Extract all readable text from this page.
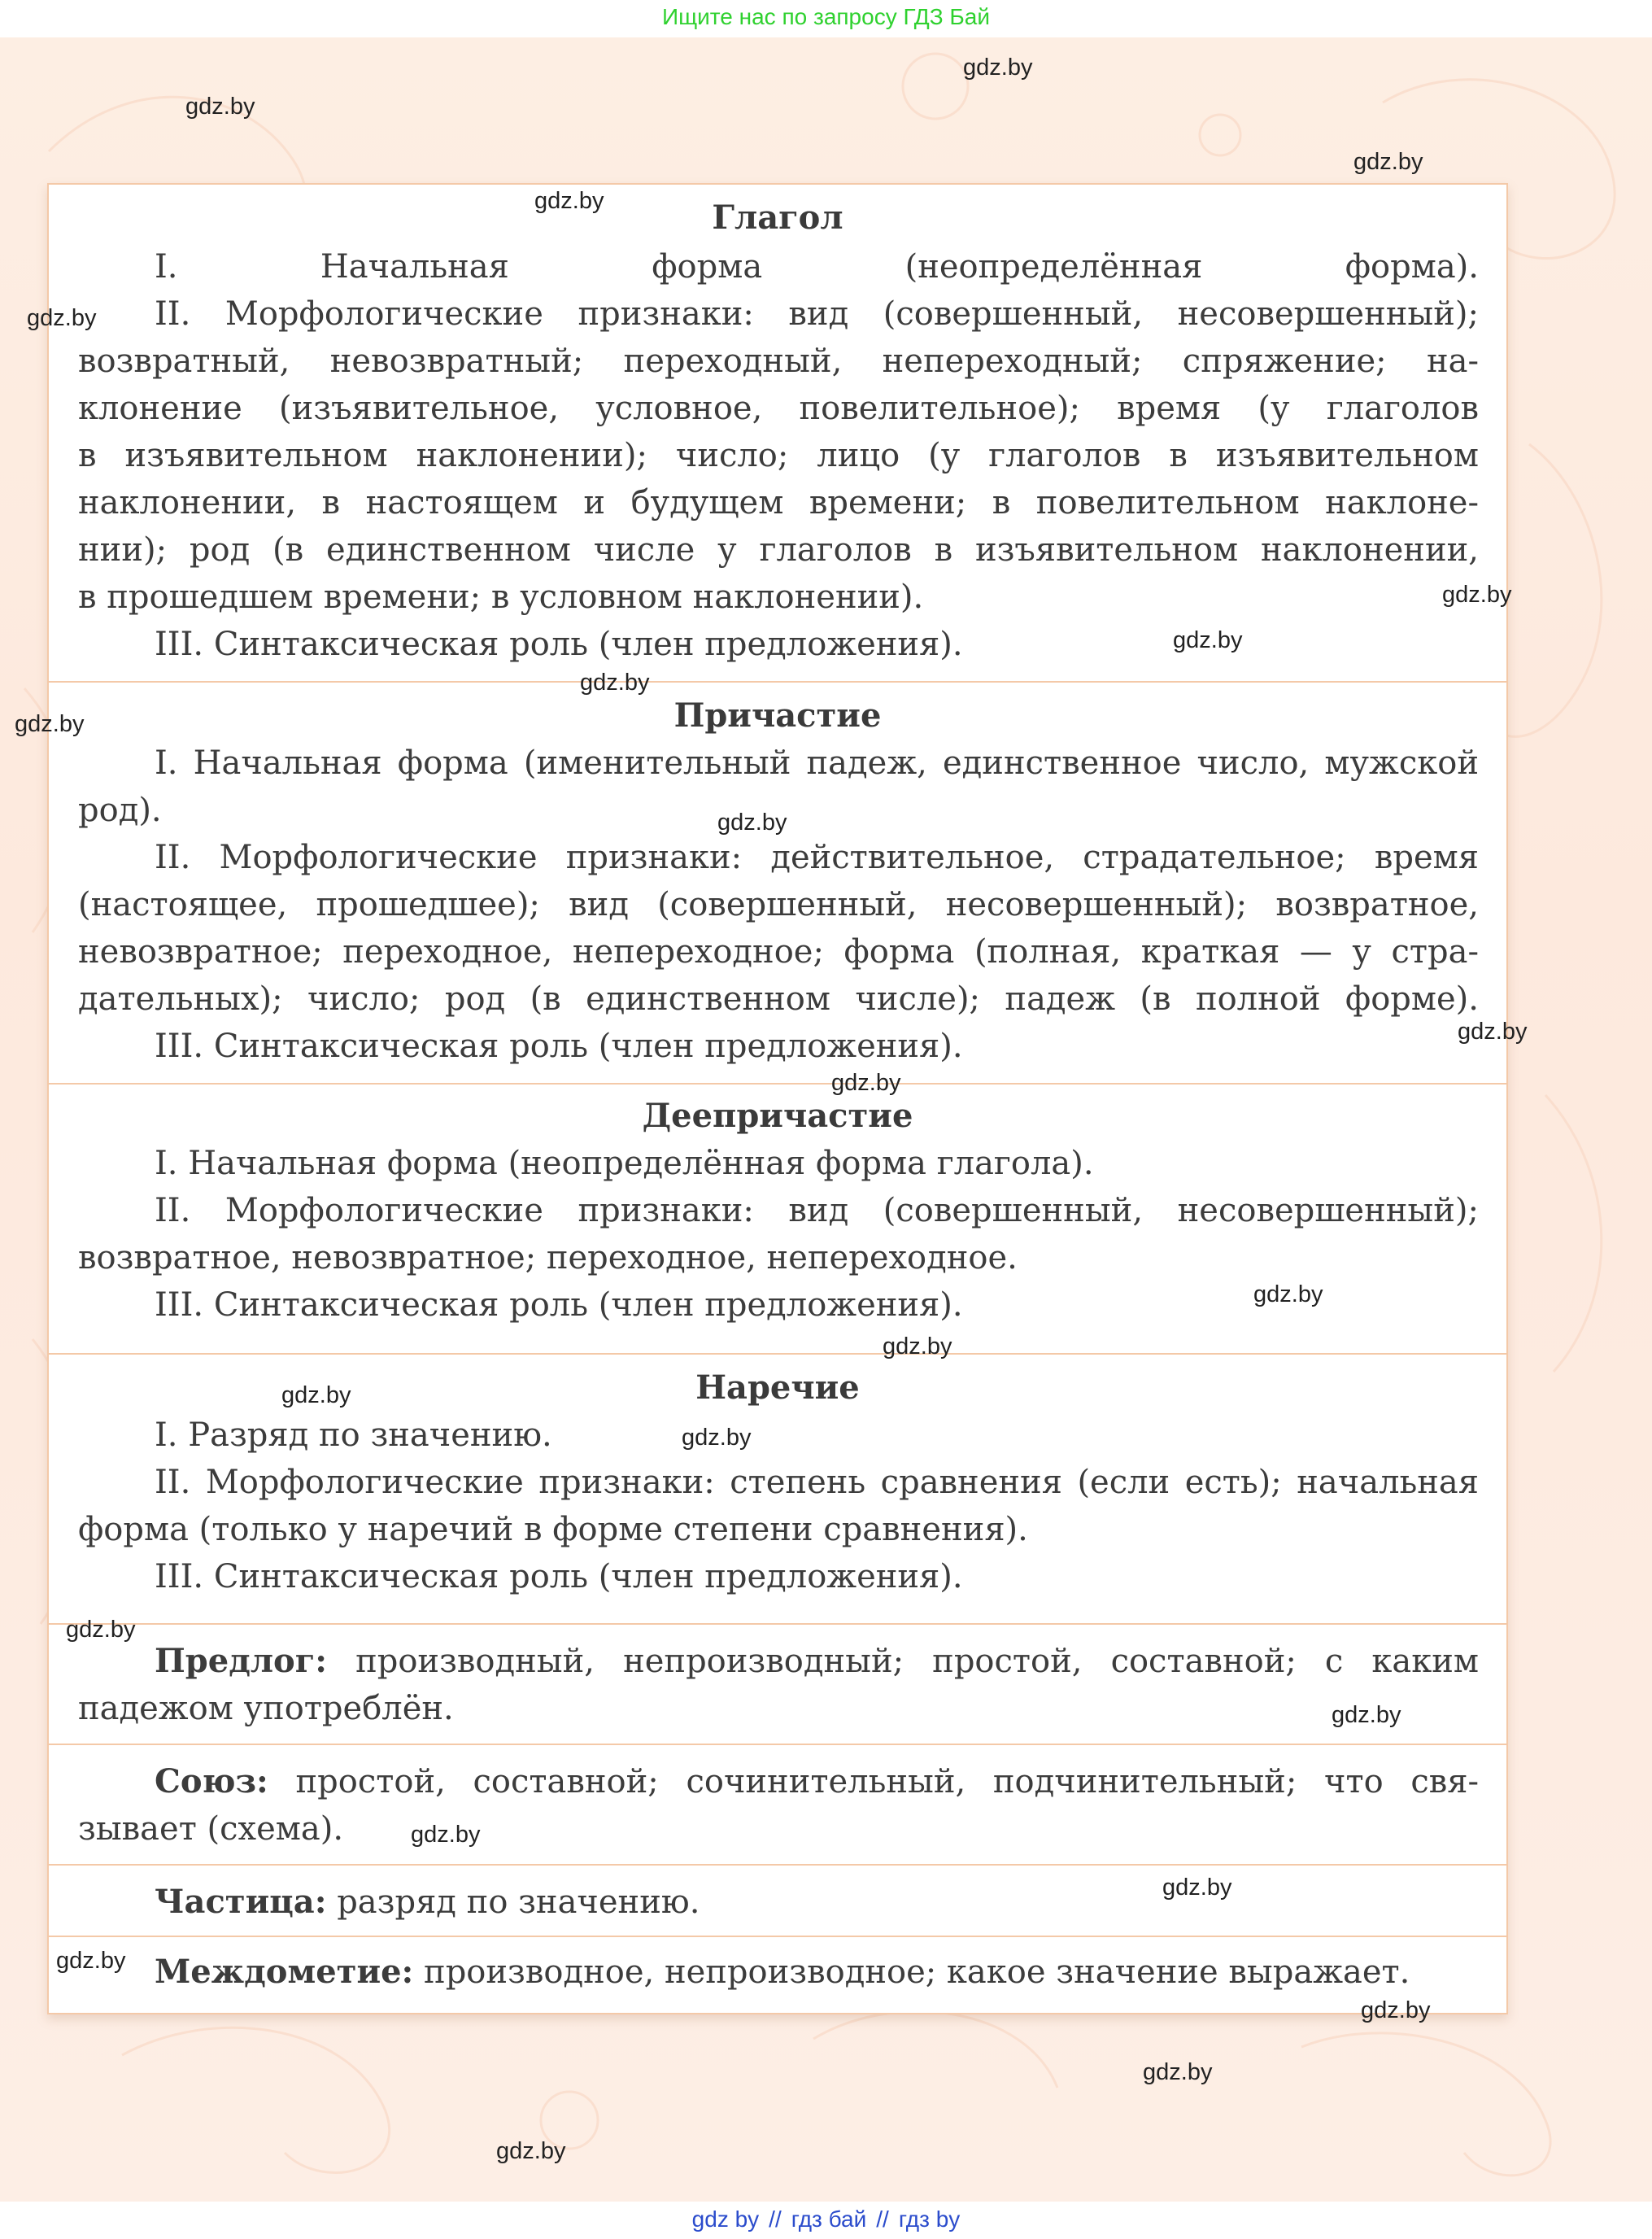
Ищите нас по запросу ГДЗ Бай
Глагол
I. Начальная форма (неопределённая форма).
II. Морфологические признаки: вид (совершенный, несовершенный);
возвратный, невозвратный; переходный, непереходный; спряжение; на-
клонение (изъявительное, условное, повелительное); время (у глаголов
в изъявительном наклонении); число; лицо (у глаголов в изъявительном
наклонении, в настоящем и будущем времени; в повелительном наклоне-
нии); род (в единственном числе у глаголов в изъявительном наклонении,
в прошедшем времени; в условном наклонении).
III. Синтаксическая роль (член предложения).
Причастие
I. Начальная форма (именительный падеж, единственное число, мужской
род).
II. Морфологические признаки: действительное, страдательное; время
(настоящее, прошедшее); вид (совершенный, несовершенный); возвратное,
невозвратное; переходное, непереходное; форма (полная, краткая — у стра-
дательных); число; род (в единственном числе); падеж (в полной форме).
III. Синтаксическая роль (член предложения).
Деепричастие
I. Начальная форма (неопределённая форма глагола).
II. Морфологические признаки: вид (совершенный, несовершенный);
возвратное, невозвратное; переходное, непереходное.
III. Синтаксическая роль (член предложения).
Наречие
I. Разряд по значению.
II. Морфологические признаки: степень сравнения (если есть); начальная
форма (только у наречий в форме степени сравнения).
III. Синтаксическая роль (член предложения).
Предлог: производный, непроизводный; простой, составной; с каким
падежом употреблён.
Союз: простой, составной; сочинительный, подчинительный; что свя-
зывает (схема).
Частица: разряд по значению.
Междометие: производное, непроизводное; какое значение выражает.
gdz.by
gdz.by
gdz.by
gdz.by
gdz.by
gdz.by
gdz.by
gdz.by
gdz.by
gdz.by
gdz.by
gdz.by
gdz.by
gdz.by
gdz.by
gdz.by
gdz.by
gdz.by
gdz.by
gdz.by
gdz.by
gdz.by
gdz.by
gdz.by
gdz by // гдз бай // гдз by
